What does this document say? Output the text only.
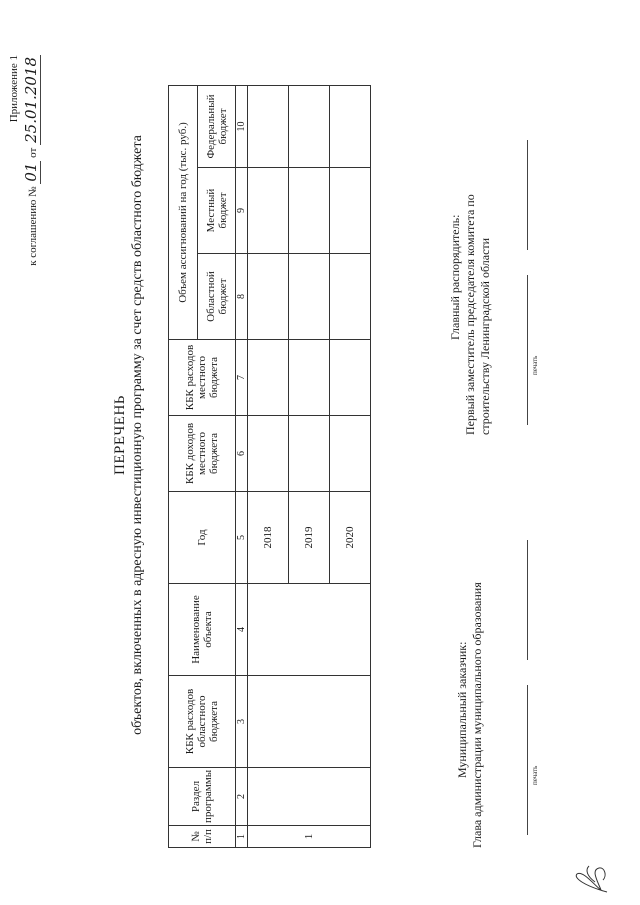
Приложение 1
к соглашению № 01 от 25.01.2018
ПЕРЕЧЕНЬ объектов, включенных в адресную инвестиционную программу за счет средств областного бюджета
№ п/п	Раздел программы	КБК расходов областного бюджета	Наименование объекта	Год	КБК доходов местного бюджета	КБК расходов местного бюджета	Объем ассигнований на год (тыс. руб.)		
							Областной бюджет	Местный бюджет	Федеральный бюджет
1	2	3	4	5	6	7	8	9	10
1				2018					
				2019					
				2020					
Муниципальный заказчик: Глава администрации муниципального образования	печать
Главный распорядитель: Первый заместитель председателя комитета по строительству Ленинградской области	печать
